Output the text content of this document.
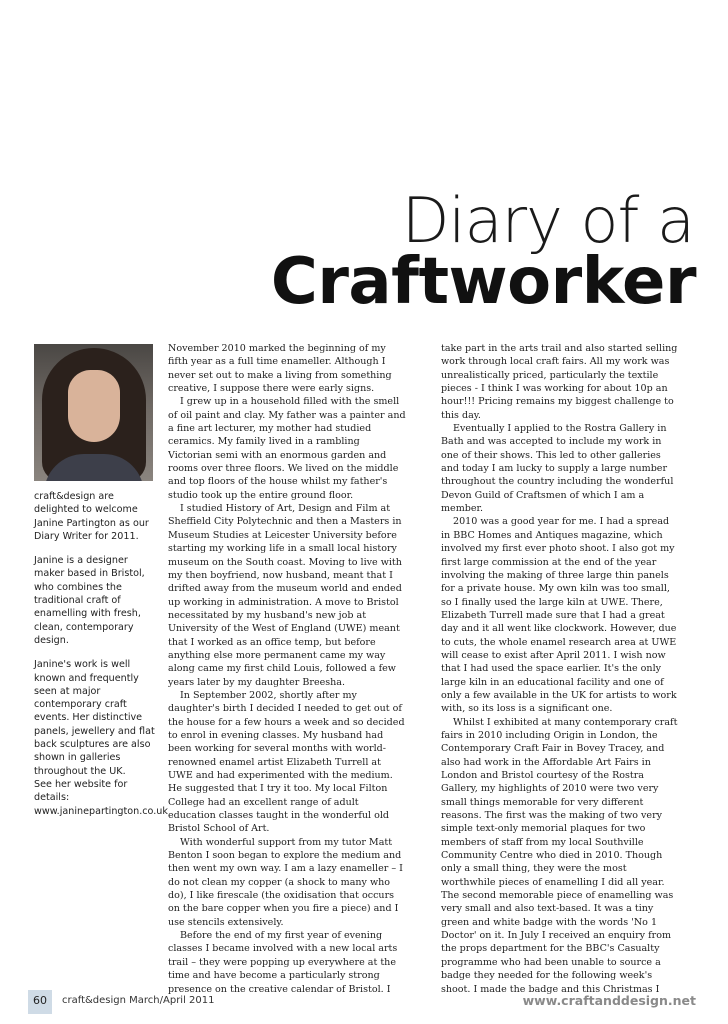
Diary of a
Craftworker

craft&design are delighted to welcome Janine Partington as our Diary Writer for 2011.

Janine is a designer maker based in Bristol, who combines the traditional craft of enamelling with fresh, clean, contemporary design.

Janine's work is well known and frequently seen at major contemporary craft events. Her distinctive panels, jewellery and flat back sculptures are also shown in galleries throughout the UK.
See her website for details:
www.janinepartington.co.uk

November 2010 marked the beginning of my fifth year as a full time enameller. Although I never set out to make a living from something creative, I suppose there were early signs.

I grew up in a household filled with the smell of oil paint and clay. My father was a painter and a fine art lecturer, my mother had studied ceramics. My family lived in a rambling Victorian semi with an enormous garden and rooms over three floors. We lived on the middle and top floors of the house whilst my father's studio took up the entire ground floor.

I studied History of Art, Design and Film at Sheffield City Polytechnic and then a Masters in Museum Studies at Leicester University before starting my working life in a small local history museum on the South coast. Moving to live with my then boyfriend, now husband, meant that I drifted away from the museum world and ended up working in administration. A move to Bristol necessitated by my husband's new job at University of the West of England (UWE) meant that I worked as an office temp, but before anything else more permanent came my way along came my first child Louis, followed a few years later by my daughter Breesha.

In September 2002, shortly after my daughter's birth I decided I needed to get out of the house for a few hours a week and so decided to enrol in evening classes. My husband had been working for several months with world-renowned enamel artist Elizabeth Turrell at UWE and had experimented with the medium. He suggested that I try it too. My local Filton College had an excellent range of adult education classes taught in the wonderful old Bristol School of Art.

With wonderful support from my tutor Matt Benton I soon began to explore the medium and then went my own way. I am a lazy enameller – I do not clean my copper (a shock to many who do), I like firescale (the oxidisation that occurs on the bare copper when you fire a piece) and I use stencils extensively.

Before the end of my first year of evening classes I became involved with a new local arts trail – they were popping up everywhere at the time and have become a particularly strong presence on the creative calendar of Bristol. I

take part in the arts trail and also started selling work through local craft fairs. All my work was unrealistically priced, particularly the textile pieces - I think I was working for about 10p an hour!!! Pricing remains my biggest challenge to this day.

Eventually I applied to the Rostra Gallery in Bath and was accepted to include my work in one of their shows. This led to other galleries and today I am lucky to supply a large number throughout the country including the wonderful Devon Guild of Craftsmen of which I am a member.

2010 was a good year for me. I had a spread in BBC Homes and Antiques magazine, which involved my first ever photo shoot. I also got my first large commission at the end of the year involving the making of three large thin panels for a private house. My own kiln was too small, so I finally used the large kiln at UWE. There, Elizabeth Turrell made sure that I had a great day and it all went like clockwork. However, due to cuts, the whole enamel research area at UWE will cease to exist after April 2011. I wish now that I had used the space earlier. It's the only large kiln in an educational facility and one of only a few available in the UK for artists to work with, so its loss is a significant one.

Whilst I exhibited at many contemporary craft fairs in 2010 including Origin in London, the Contemporary Craft Fair in Bovey Tracey, and also had work in the Affordable Art Fairs in London and Bristol courtesy of the Rostra Gallery, my highlights of 2010 were two very small things memorable for very different reasons. The first was the making of two very simple text-only memorial plaques for two members of staff from my local Southville Community Centre who died in 2010. Though only a small thing, they were the most worthwhile pieces of enamelling I did all year. The second memorable piece of enamelling was very small and also text-based. It was a tiny green and white badge with the words 'No 1 Doctor' on it. In July I received an enquiry from the props department for the BBC's Casualty programme who had been unable to source a badge they needed for the following week's shoot. I made the badge and this Christmas I

60 craft&design March/April 2011	www.craftanddesign.net
